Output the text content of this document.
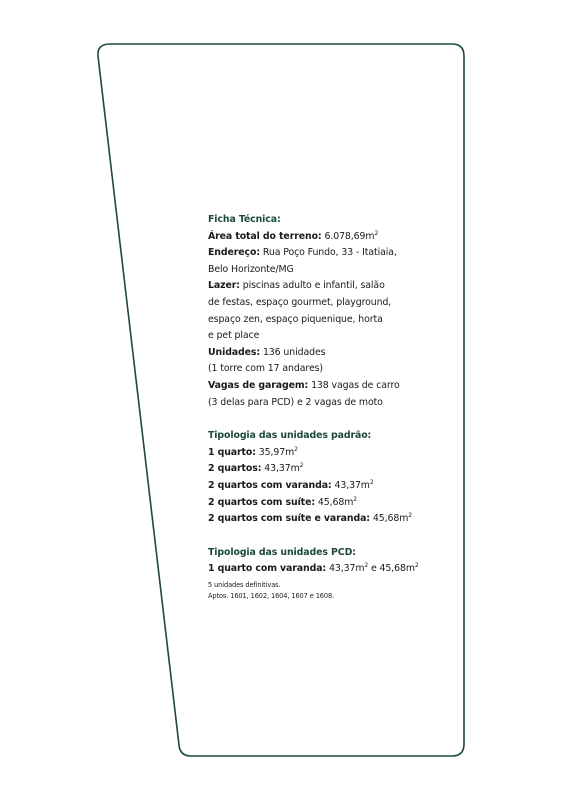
Ficha Técnica:
Área total do terreno: $6.078,69m^2$
Endereço: Rua Poço Fundo, 33 - Itatiaia,
Belo Horizonte/MG
Lazer: piscinas adulto e infantil, salão
de festas, espaço gourmet, playground,
espaço zen, espaço piquenique, horta
e pet place
Unidades: 136 unidades
(1 torre com 17 andares)
Vagas de garagem: 138 vagas de carro
(3 delas para PCD) e 2 vagas de moto
Tipologia das unidades padrão:
1 quarto: $35,97m^2$
2 quartos: $43,37m^2$
2 quartos com varanda: $43,37m^2$
2 quartos com suíte: $45,68m^2$
2 quartos com suíte e varanda: $45,68m^2$
Tipologia das unidades PCD:
1 quarto com varanda: $43,37m^2$ e $45,68m^2$
5 unidades definitivas.
Aptos. 1601, 1602, 1604, 1607 e 1608.
